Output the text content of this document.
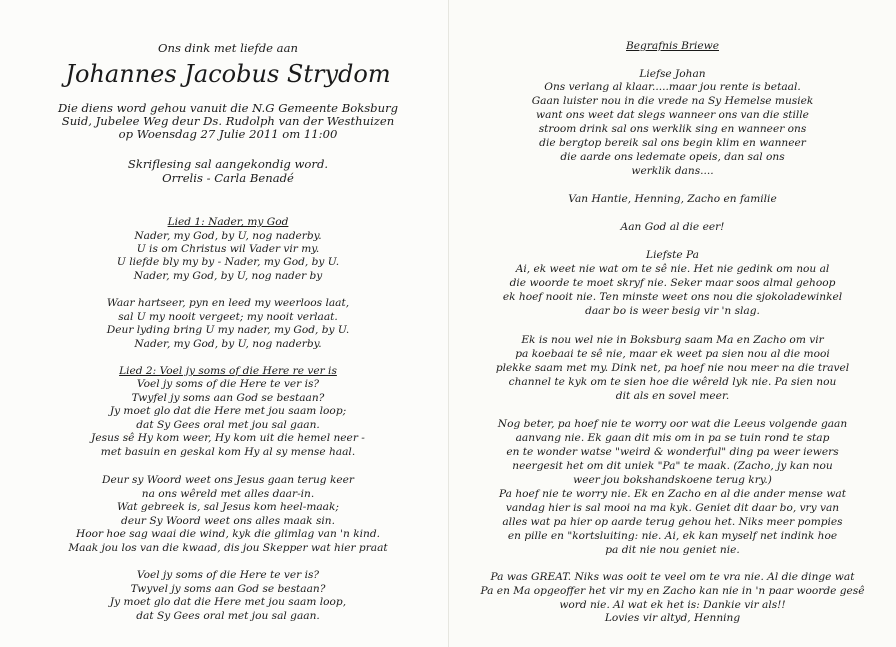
Ons dink met liefde aan
Johannes Jacobus Strydom
Die diens word gehou vanuit die N.G Gemeente Boksburg
Suid, Jubelee Weg deur Ds. Rudolph van der Westhuizen
op Woensdag 27 Julie 2011 om 11:00
Skriflesing sal aangekondig word.
Orrelis - Carla Benadé
Lied 1: Nader, my God
Nader, my God, by U, nog naderby.
U is om Christus wil Vader vir my.
U liefde bly my by - Nader, my God, by U.
Nader, my God, by U, nog nader by
Waar hartseer, pyn en leed my weerloos laat,
sal U my nooit vergeet; my nooit verlaat.
Deur lyding bring U my nader, my God, by U.
Nader, my God, by U, nog naderby.
Lied 2: Voel jy soms of die Here re ver is
Voel jy soms of die Here te ver is?
Twyfel jy soms aan God se bestaan?
Jy moet glo dat die Here met jou saam loop;
dat Sy Gees oral met jou sal gaan.
Jesus sê Hy kom weer, Hy kom uit die hemel neer -
met basuin en geskal kom Hy al sy mense haal.
Deur sy Woord weet ons Jesus gaan terug keer
na ons wêreld met alles daar-in.
Wat gebreek is, sal Jesus kom heel-maak;
deur Sy Woord weet ons alles maak sin.
Hoor hoe sag waai die wind, kyk die glimlag van 'n kind.
Maak jou los van die kwaad, dis jou Skepper wat hier praat
Voel jy soms of die Here te ver is?
Twyvel jy soms aan God se bestaan?
Jy moet glo dat die Here met jou saam loop,
dat Sy Gees oral met jou sal gaan.
Begrafnis Briewe
Liefse Johan
Ons verlang al klaar.....maar jou rente is betaal.
Gaan luister nou in die vrede na Sy Hemelse musiek
want ons weet dat slegs wanneer ons van die stille
stroom drink sal ons werklik sing en wanneer ons
die bergtop bereik sal ons begin klim en wanneer
die aarde ons ledemate opeis, dan sal ons
werklik dans....
Van Hantie, Henning, Zacho en familie
Aan God al die eer!
Liefste Pa
Ai, ek weet nie wat om te sê nie. Het nie gedink om nou al
die woorde te moet skryf nie. Seker maar soos almal gehoop
ek hoef nooit nie. Ten minste weet ons nou die sjokoladewinkel
daar bo is weer besig vir 'n slag.
Ek is nou wel nie in Boksburg saam Ma en Zacho om vir
pa koebaai te sê nie, maar ek weet pa sien nou al die mooi
plekke saam met my. Dink net, pa hoef nie nou meer na die travel
channel te kyk om te sien hoe die wêreld lyk nie. Pa sien nou
dit als en sovel meer.
Nog beter, pa hoef nie te worry oor wat die Leeus volgende gaan
aanvang nie. Ek gaan dit mis om in pa se tuin rond te stap
en te wonder watse "weird & wonderful" ding pa weer iewers
neergesit het om dit uniek "Pa" te maak. (Zacho, jy kan nou
weer jou bokshandskoene terug kry.)
Pa hoef nie te worry nie. Ek en Zacho en al die ander mense wat
vandag hier is sal mooi na ma kyk. Geniet dit daar bo, vry van
alles wat pa hier op aarde terug gehou het. Niks meer pompies
en pille en "kortsluiting: nie. Ai, ek kan myself net indink hoe
pa dit nie nou geniet nie.
Pa was GREAT. Niks was ooit te veel om te vra nie. Al die dinge wat
Pa en Ma opgeoffer het vir my en Zacho kan nie in 'n paar woorde gesê
word nie. Al wat ek het is: Dankie vir als!!
Lovies vir altyd, Henning
